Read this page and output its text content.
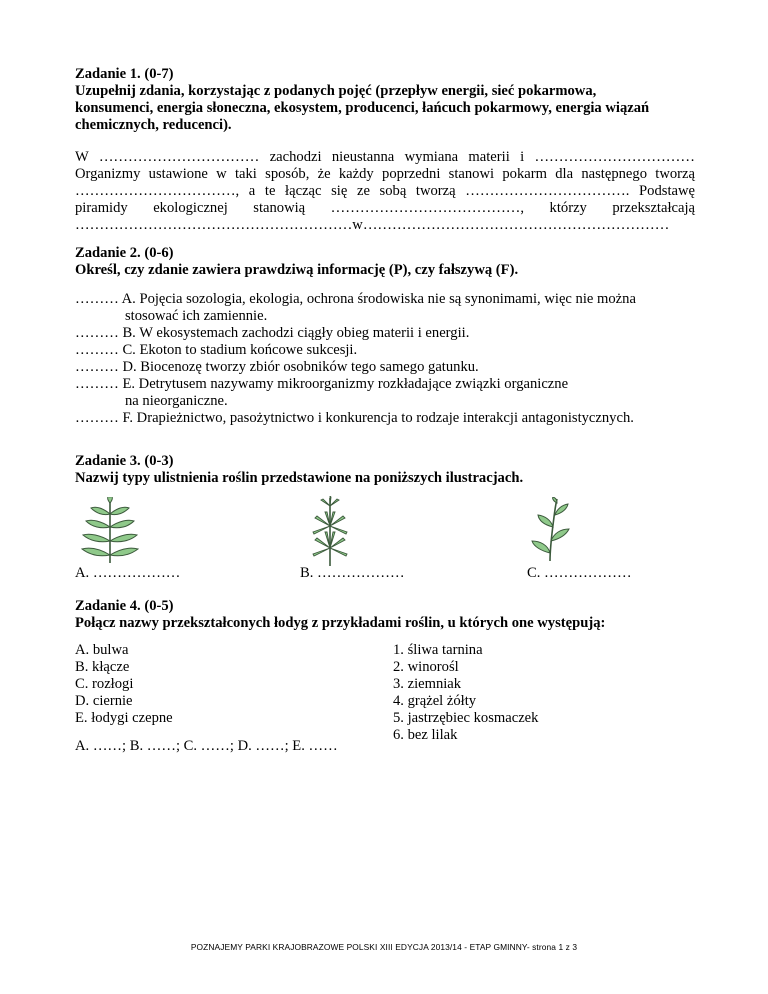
Zadanie 1. (0-7)
Uzupełnij zdania, korzystając z podanych pojęć (przepływ energii, sieć pokarmowa,
konsumenci, energia słoneczna, ekosystem, producenci, łańcuch pokarmowy, energia wiązań
chemicznych, reducenci).
W …………………………… zachodzi nieustanna wymiana materii i ……………………………
Organizmy ustawione w taki sposób, że każdy poprzedni stanowi pokarm dla następnego tworzą
……………………………, a te łącząc się ze sobą tworzą ……………………………. Podstawę
piramidy ekologicznej stanowią …………………………………, którzy przekształcają
…………………………………………………w………………………………………………………
Zadanie 2. (0-6)
Określ, czy zdanie zawiera prawdziwą informację (P), czy fałszywą (F).
……… A. Pojęcia sozologia, ekologia, ochrona środowiska nie są synonimami, więc nie można
stosować ich zamiennie.
……… B. W ekosystemach zachodzi ciągły obieg materii i energii.
……… C. Ekoton to stadium końcowe sukcesji.
……… D. Biocenozę tworzy zbiór osobników tego samego gatunku.
……… E. Detrytusem nazywamy mikroorganizmy rozkładające związki organiczne
na nieorganiczne.
……… F. Drapieżnictwo, pasożytnictwo i konkurencja to rodzaje interakcji antagonistycznych.
Zadanie 3. (0-3)
Nazwij typy ulistnienia roślin przedstawione na poniższych ilustracjach.
A. ………………	B. ………………	C. ………………
Zadanie 4. (0-5)
Połącz nazwy przekształconych łodyg z przykładami roślin, u których one występują:
A. bulwa
B. kłącze
C. rozłogi
D. ciernie
E. łodygi czepne
1. śliwa tarnina
2. winorośl
3. ziemniak
4. grążel żółty
5. jastrzębiec kosmaczek
6. bez lilak
A. ……; B. ……; C. ……; D. ……; E. ……
POZNAJEMY PARKI KRAJOBRAZOWE POLSKI XIII EDYCJA 2013/14 - ETAP GMINNY- strona 1 z 3
